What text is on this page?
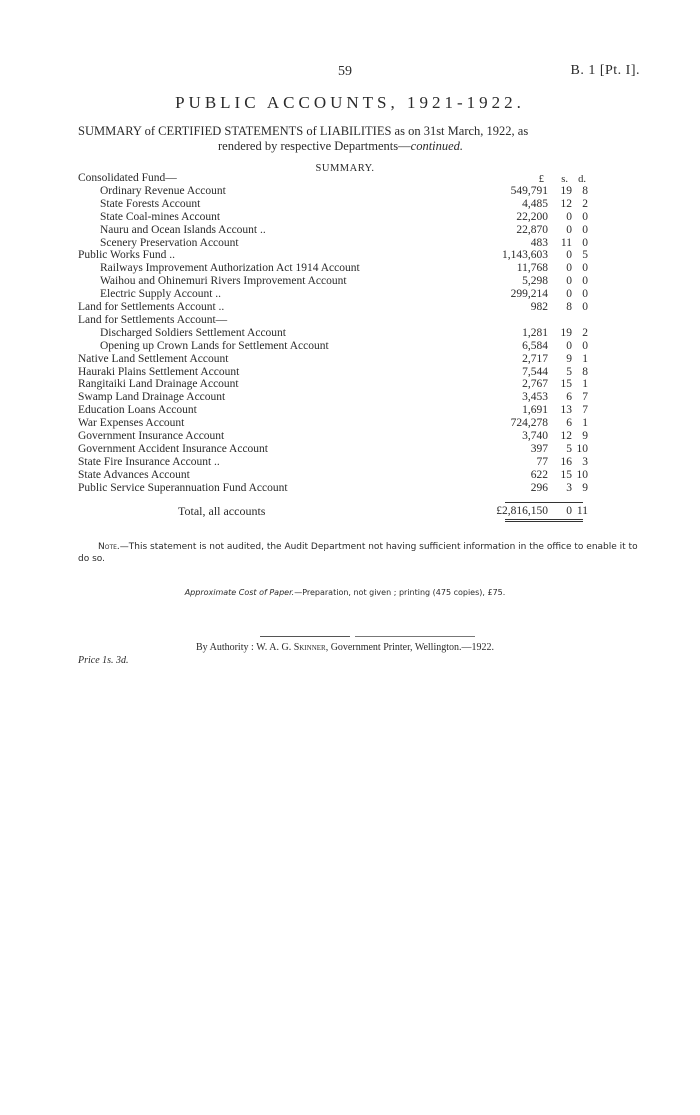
59	B. 1 [Pt. I].
PUBLIC ACCOUNTS, 1921-1922.
SUMMARY of CERTIFIED STATEMENTS of LIABILITIES as on 31st March, 1922, as
rendered by respective Departments—continued.
SUMMARY.
£ s. d.
Consolidated Fund—
Ordinary Revenue Account	549,791	19 8
State Forests Account	4,485	12 2
State Coal-mines Account	22,200	0 0
Nauru and Ocean Islands Account ..	22,870	0 0
Scenery Preservation Account	483	11 0
Public Works Fund ..	1,143,603	0 5
Railways Improvement Authorization Act 1914 Account	11,768	0 0
Waihou and Ohinemuri Rivers Improvement Account	5,298	0 0
Electric Supply Account ..	299,214	0 0
Land for Settlements Account ..	982	8 0
Land for Settlements Account—
Discharged Soldiers Settlement Account	1,281	19 2
Opening up Crown Lands for Settlement Account	6,584	0 0
Native Land Settlement Account	2,717	9 1
Hauraki Plains Settlement Account	7,544	5 8
Rangitaiki Land Drainage Account	2,767	15 1
Swamp Land Drainage Account	3,453	6 7
Education Loans Account	1,691	13 7
War Expenses Account	724,278	6 1
Government Insurance Account	3,740	12 9
Government Accident Insurance Account	397	5 10
State Fire Insurance Account ..	77	16 3
State Advances Account	622	15 10
Public Service Superannuation Fund Account	296	3 9
Total, all accounts	£2,816,150	0 11
Note.—This statement is not audited, the Audit Department not having sufficient information in the office to enable it to do so.
Approximate Cost of Paper.—Preparation, not given ; printing (475 copies), £75.
By Authority : W. A. G. Skinner, Government Printer, Wellington.—1922.
Price 1s. 3d.
